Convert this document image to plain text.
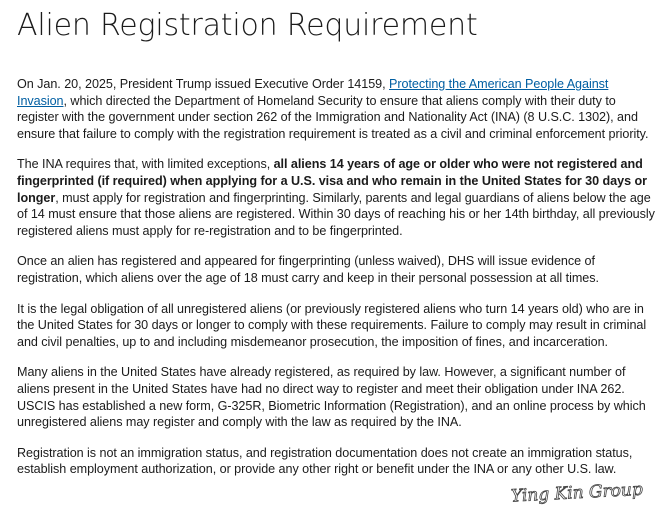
Alien Registration Requirement

On Jan. 20, 2025, President Trump issued Executive Order 14159, Protecting the American People Against Invasion, which directed the Department of Homeland Security to ensure that aliens comply with their duty to register with the government under section 262 of the Immigration and Nationality Act (INA) (8 U.S.C. 1302), and ensure that failure to comply with the registration requirement is treated as a civil and criminal enforcement priority.

The INA requires that, with limited exceptions, all aliens 14 years of age or older who were not registered and fingerprinted (if required) when applying for a U.S. visa and who remain in the United States for 30 days or longer, must apply for registration and fingerprinting. Similarly, parents and legal guardians of aliens below the age of 14 must ensure that those aliens are registered. Within 30 days of reaching his or her 14th birthday, all previously registered aliens must apply for re-registration and to be fingerprinted.

Once an alien has registered and appeared for fingerprinting (unless waived), DHS will issue evidence of registration, which aliens over the age of 18 must carry and keep in their personal possession at all times.

It is the legal obligation of all unregistered aliens (or previously registered aliens who turn 14 years old) who are in the United States for 30 days or longer to comply with these requirements. Failure to comply may result in criminal and civil penalties, up to and including misdemeanor prosecution, the imposition of fines, and incarceration.

Many aliens in the United States have already registered, as required by law. However, a significant number of aliens present in the United States have had no direct way to register and meet their obligation under INA 262. USCIS has established a new form, G-325R, Biometric Information (Registration), and an online process by which unregistered aliens may register and comply with the law as required by the INA.

Registration is not an immigration status, and registration documentation does not create an immigration status, establish employment authorization, or provide any other right or benefit under the INA or any other U.S. law.

Ying Kin Group
